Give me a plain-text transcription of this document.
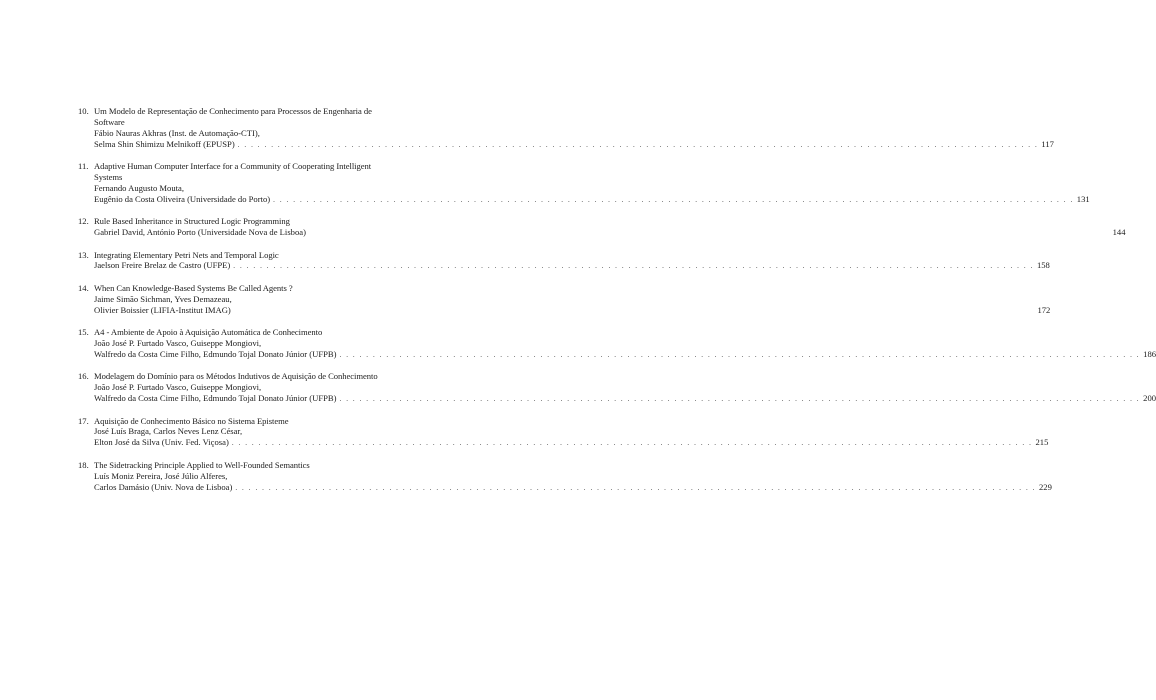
10. Um Modelo de Representação de Conhecimento para Processos de Engenharia de
Software
Fábio Nauras Akhras (Inst. de Automação-CTI),
Selma Shin Shimizu Melnikoff (EPUSP) . . . . . . . . . . . . . . . . . . . . . . . . . . . . . . . . . . . . . . . . . . . . . . . . . . . . . . . . . . . . . . . . . . . . . . . . . . . . . . . . . . . . . . . . . . . . . . . . . . . . . . . . . . . . . . . . . . . . . . . . 117
11. Adaptive Human Computer Interface for a Community of Cooperating Intelligent
Systems
Fernando Augusto Mouta,
Eugênio da Costa Oliveira (Universidade do Porto) . . . . . . . . . . . . . . . . . . . . . . . . . . . . . . . . . . . . . . . . . . . . . . . . . . . . . . . . . . . . . . . . . . . . . . . . . . . . . . . . . . . . . . . . . . . . . . . . . . . . . . . . . . . . . . . . . . . . . . . . 131
12. Rule Based Inheritance in Structured Logic Programming
Gabriel David, António Porto (Universidade Nova de Lisboa)	144
13. Integrating Elementary Petri Nets and Temporal Logic
Jaelson Freire Brelaz de Castro (UFPE) . . . . . . . . . . . . . . . . . . . . . . . . . . . . . . . . . . . . . . . . . . . . . . . . . . . . . . . . . . . . . . . . . . . . . . . . . . . . . . . . . . . . . . . . . . . . . . . . . . . . . . . . . . . . . . . . . . . . . . . . 158
14. When Can Knowledge-Based Systems Be Called Agents ?
Jaime Simão Sichman, Yves Demazeau,
Olivier Boissier (LIFIA-Institut IMAG)	172
15. A4 - Ambiente de Apoio à Aquisição Automática de Conhecimento
João José P. Furtado Vasco, Guiseppe Mongiovi,
Walfredo da Costa Cime Filho, Edmundo Tojal Donato Júnior (UFPB) . . . . . . . . . . . . . . . . . . . . . . . . . . . . . . . . . . . . . . . . . . . . . . . . . . . . . . . . . . . . . . . . . . . . . . . . . . . . . . . . . . . . . . . . . . . . . . . . . . . . . . . . . . . . . . . . . . . . . . . . 186
16. Modelagem do Domínio para os Métodos Indutivos de Aquisição de Conhecimento
João José P. Furtado Vasco, Guiseppe Mongiovi,
Walfredo da Costa Cime Filho, Edmundo Tojal Donato Júnior (UFPB) . . . . . . . . . . . . . . . . . . . . . . . . . . . . . . . . . . . . . . . . . . . . . . . . . . . . . . . . . . . . . . . . . . . . . . . . . . . . . . . . . . . . . . . . . . . . . . . . . . . . . . . . . . . . . . . . . . . . . . . . 200
17. Aquisição de Conhecimento Básico no Sistema Episteme
José Luís Braga, Carlos Neves Lenz César,
Elton José da Silva (Univ. Fed. Viçosa) . . . . . . . . . . . . . . . . . . . . . . . . . . . . . . . . . . . . . . . . . . . . . . . . . . . . . . . . . . . . . . . . . . . . . . . . . . . . . . . . . . . . . . . . . . . . . . . . . . . . . . . . . . . . . . . . . . . . . . . . 215
18. The Sidetracking Principle Applied to Well-Founded Semantics
Luís Moniz Pereira, José Júlio Alferes,
Carlos Damásio (Univ. Nova de Lisboa) . . . . . . . . . . . . . . . . . . . . . . . . . . . . . . . . . . . . . . . . . . . . . . . . . . . . . . . . . . . . . . . . . . . . . . . . . . . . . . . . . . . . . . . . . . . . . . . . . . . . . . . . . . . . . . . . . . . . . . . . 229
